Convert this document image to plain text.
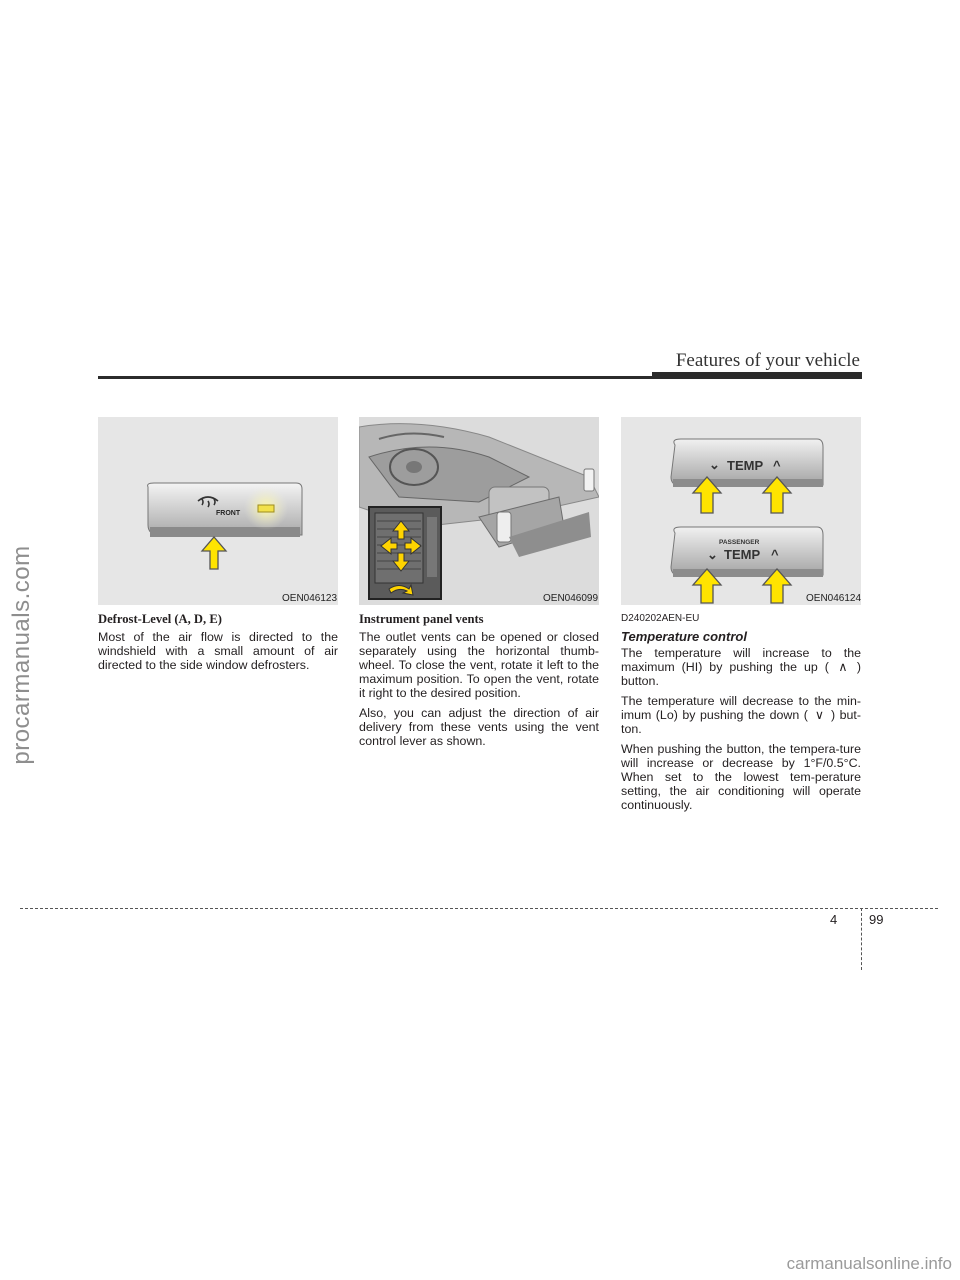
procarmanuals.com
Features of your vehicle
FRONT
OEN046123	OEN046099
⌄ TEMP ^
PASSENGER
⌄ TEMP ^
OEN046124

Defrost-Level (A, D, E)

Most of the air flow is directed to the windshield with a small amount of air directed to the side window defrosters.

Instrument panel vents

The outlet vents can be opened or closed separately using the horizontal thumb-wheel. To close the vent, rotate it left to the maximum position. To open the vent, rotate it right to the desired position.

Also, you can adjust the direction of air delivery from these vents using the vent control lever as shown.

D240202AEN-EU

Temperature control

The temperature will increase to the maximum (HI) by pushing the up ( ∧ ) button.

The temperature will decrease to the min-imum (Lo) by pushing the down ( ∨ ) but-ton.

When pushing the button, the tempera-ture will increase or decrease by 1°F/0.5°C. When set to the lowest tem-perature setting, the air conditioning will operate continuously.

4 99
carmanualsonline.info
